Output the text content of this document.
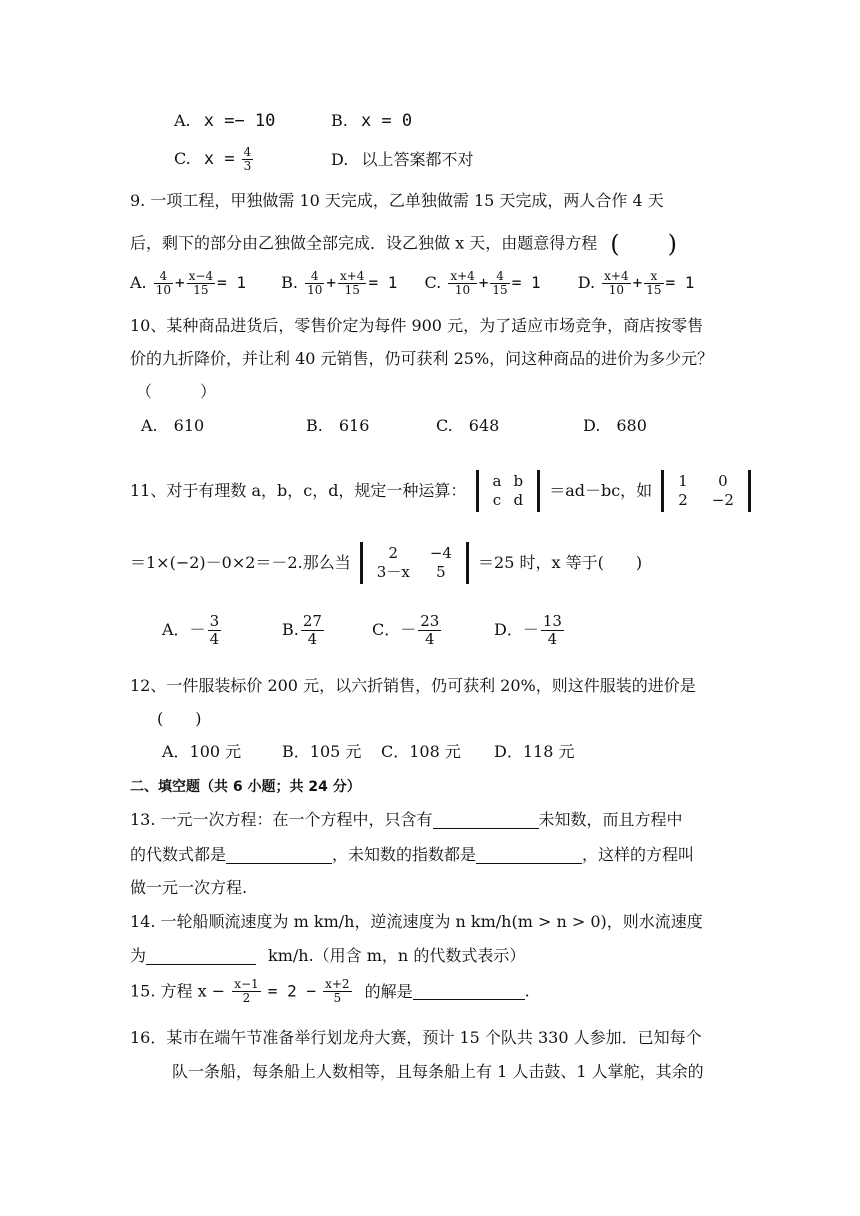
A. x =− 10	B. x = 0
C. $x = \frac{4}{3}$	D. 以上答案都不对
9. 一项工程，甲独做需 10 天完成，乙单独做需 15 天完成，两人合作 4 天
后，剩下的部分由乙独做全部完成．设乙独做 x 天，由题意得方程 (　　)
A. $\frac{4}{10} + \frac{x-4}{15} = 1$ B. $\frac{4}{10} + \frac{x+4}{15} = 1$ C. $\frac{x+4}{10} + \frac{4}{15} = 1$ D. $\frac{x+4}{10} + \frac{x}{15} = 1$
10、某种商品进货后，零售价定为每件 900 元，为了适应市场竞争，商店按零售
价的九折降价，并让利 40 元销售，仍可获利 25%，问这种商品的进价为多少元？
（　　　）
A.　610	B.　616	C.　648	D.　680
11、对于有理数 a，b，c，d，规定一种运算： a	b
c	d ＝ad－bc，如 1	0
2	−2
＝1×(−2)－0×2＝－2.那么当	2	−4
3－x	5 ＝25 时，x 等于(　　)
A．－ $\frac{3}{4}$	B. $\frac{27}{4}$	C．－ $\frac{23}{4}$	D．－ $\frac{13}{4}$
12、一件服装标价 200 元，以六折销售，仍可获利 20%，则这件服装的进价是
(　　)
A．100 元	B．105 元 C．108 元 D．118 元
二、填空题（共 6 小题；共 24 分）
13. 一元一次方程：在一个方程中，只含有	未知数，而且方程中
的代数式都是	，未知数的指数都是	，这样的方程叫
做一元一次方程.
14. 一轮船顺流速度为 m km/h，逆流速度为 n km/h(m > n > 0)，则水流速度
为	km/h.（用含 m，n 的代数式表示）
15. 方程 $x - \frac{x-1}{2} = 2 - \frac{x+2}{5}$ 的解是	.
16．某市在端午节准备举行划龙舟大赛，预计 15 个队共 330 人参加．已知每个
队一条船，每条船上人数相等，且每条船上有 1 人击鼓、1 人掌舵，其余的
